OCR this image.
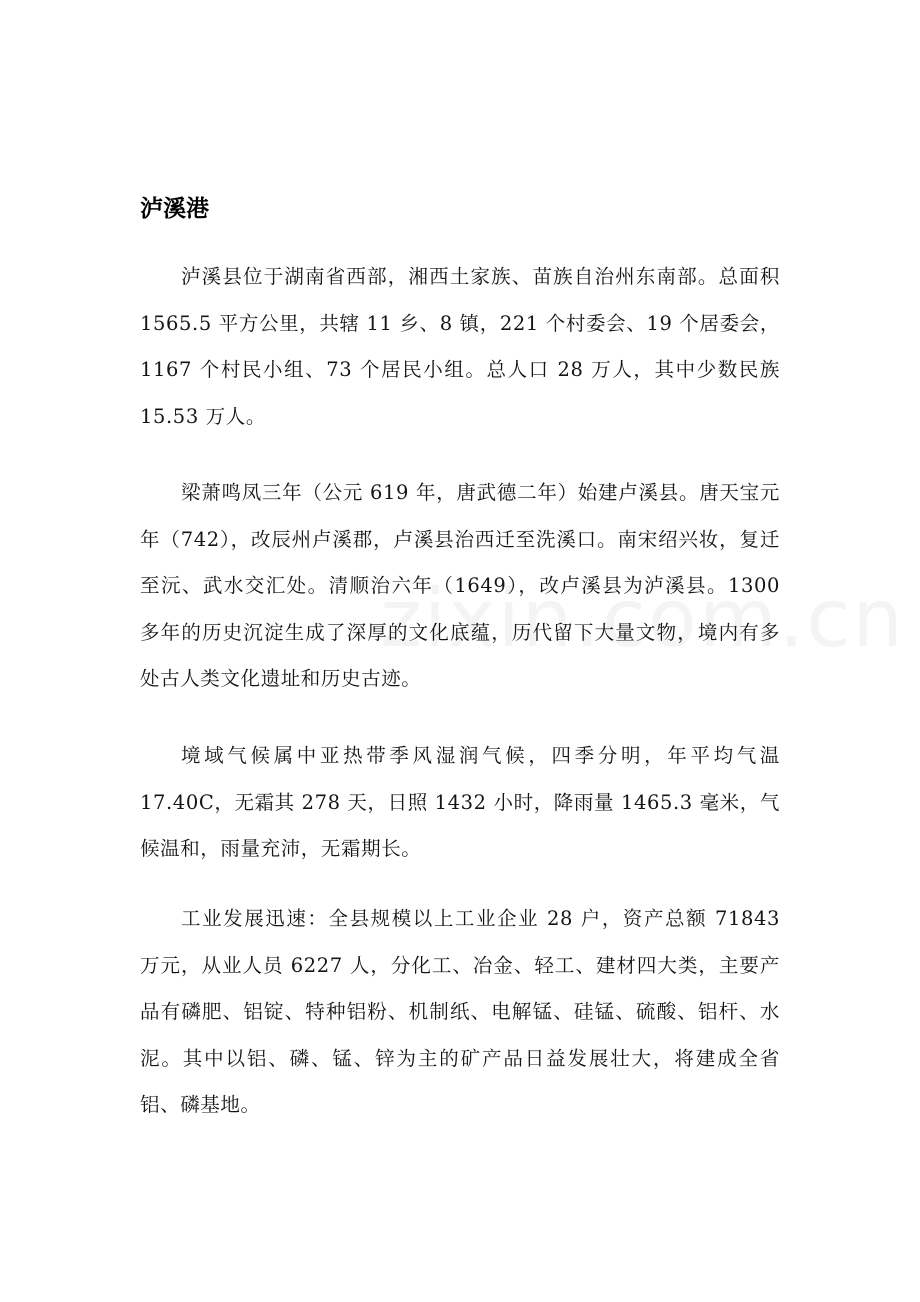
泸溪港

泸溪县位于湖南省西部，湘西土家族、苗族自治州东南部。总面积 1565.5 平方公里，共辖 11 乡、8 镇，221 个村委会、19 个居委会，1167 个村民小组、73 个居民小组。总人口 28 万人，其中少数民族 15.53 万人。

梁萧鸣凤三年（公元 619 年，唐武德二年）始建卢溪县。唐天宝元年（742），改辰州卢溪郡，卢溪县治西迁至洗溪口。南宋绍兴妆，复迁至沅、武水交汇处。清顺治六年（1649），改卢溪县为泸溪县。1300 多年的历史沉淀生成了深厚的文化底蕴，历代留下大量文物，境内有多处古人类文化遗址和历史古迹。

境域气候属中亚热带季风湿润气候，四季分明，年平均气温 17.40C，无霜其 278 天，日照 1432 小时，降雨量 1465.3 毫米，气候温和，雨量充沛，无霜期长。

工业发展迅速：全县规模以上工业企业 28 户，资产总额 71843 万元，从业人员 6227 人，分化工、冶金、轻工、建材四大类，主要产品有磷肥、铝锭、特种铝粉、机制纸、电解锰、硅锰、硫酸、铝杆、水泥。其中以铝、磷、锰、锌为主的矿产品日益发展壮大，将建成全省铝、磷基地。
